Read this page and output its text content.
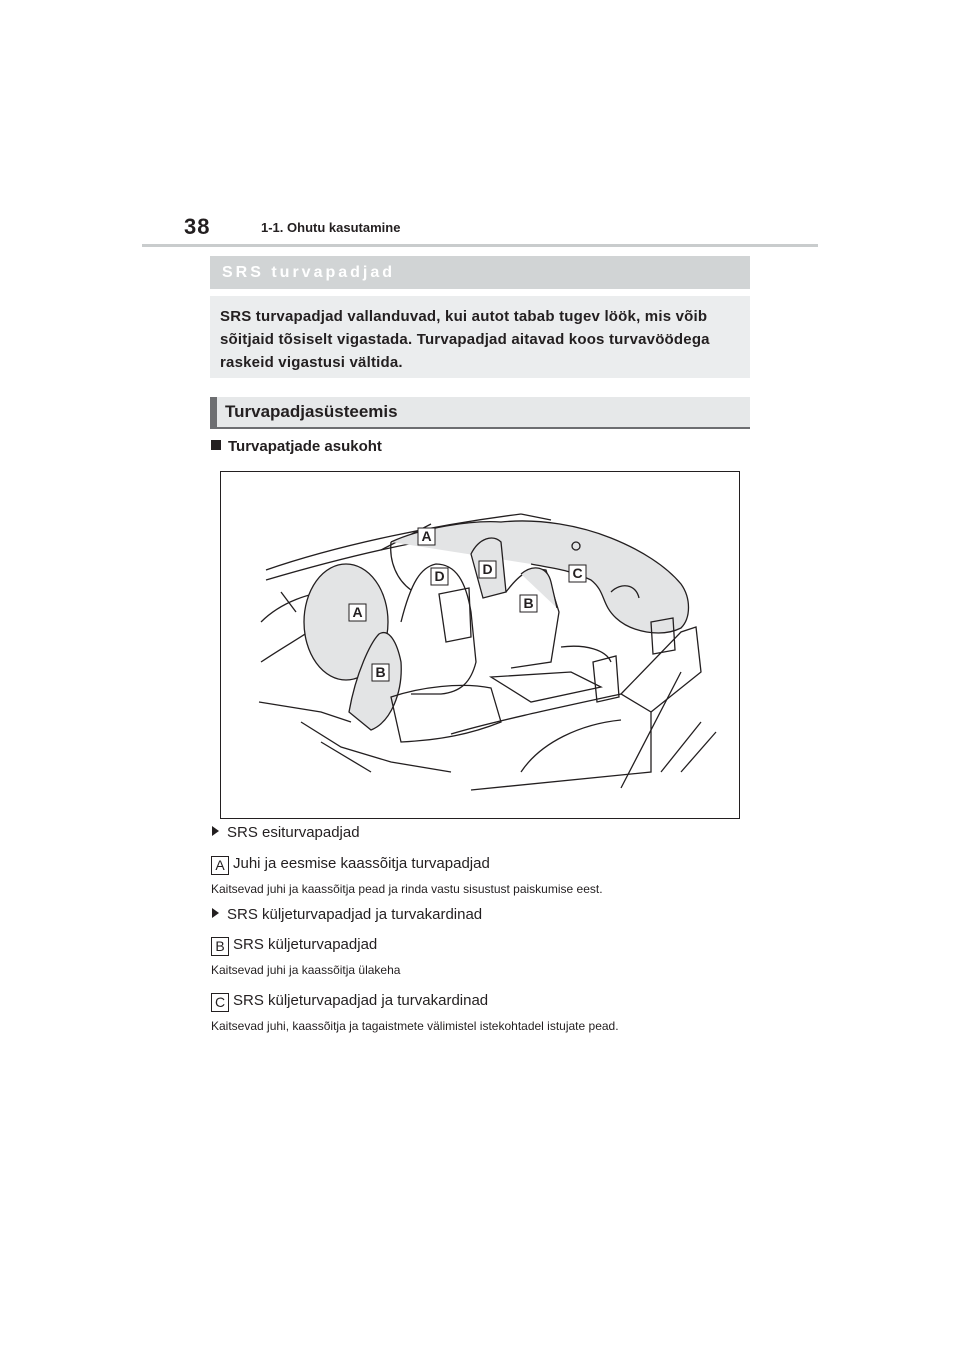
38	1-1. Ohutu kasutamine
SRS turvapadjad
SRS turvapadjad vallanduvad, kui autot tabab tugev löök, mis võib
sõitjaid tõsiselt vigastada. Turvapadjad aitavad koos turvavöödega
raskeid vigastusi vältida.
Turvapadjasüsteemis
Turvapatjade asukoht
A
A
D	D	C
B
B
SRS esiturvapadjad
A Juhi ja eesmise kaassõitja turvapadjad
Kaitsevad juhi ja kaassõitja pead ja rinda vastu sisustust paiskumise eest.
SRS küljeturvapadjad ja turvakardinad
B SRS küljeturvapadjad
Kaitsevad juhi ja kaassõitja ülakeha
C SRS küljeturvapadjad ja turvakardinad
Kaitsevad juhi, kaassõitja ja tagaistmete välimistel istekohtadel istujate pead.
